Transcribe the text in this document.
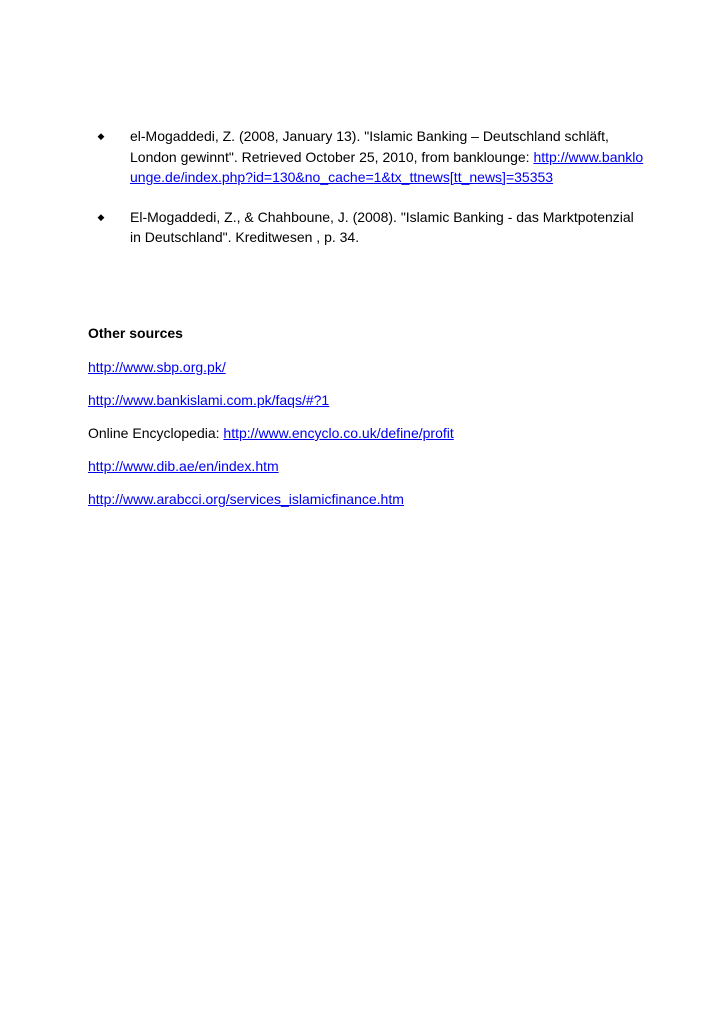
◆ el-Mogaddedi, Z. (2008, January 13). "Islamic Banking – Deutschland schläft, London gewinnt". Retrieved October 25, 2010, from banklounge: http://www.banklounge.de/index.php?id=130&no_cache=1&tx_ttnews[tt_news]=35353
◆ El-Mogaddedi, Z., & Chahboune, J. (2008). "Islamic Banking - das Marktpotenzial in Deutschland". Kreditwesen , p. 34.
Other sources
http://www.sbp.org.pk/
http://www.bankislami.com.pk/faqs/#?1
Online Encyclopedia: http://www.encyclo.co.uk/define/profit
http://www.dib.ae/en/index.htm
http://www.arabcci.org/services_islamicfinance.htm
